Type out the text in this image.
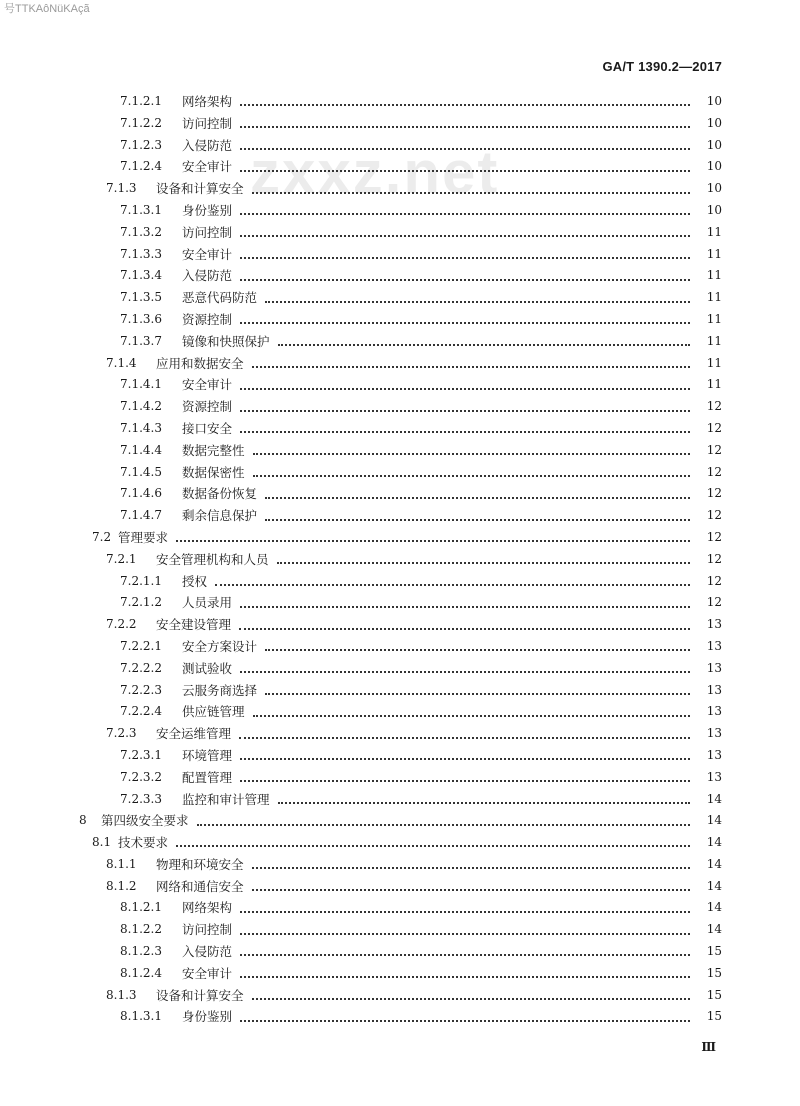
号TTKAôNüKAçã
GA/T 1390.2—2017
zxxz.net
7.1.2.1	网络架构	10
7.1.2.2	访问控制	10
7.1.2.3	入侵防范	10
7.1.2.4	安全审计	10
7.1.3	设备和计算安全	10
7.1.3.1	身份鉴别	10
7.1.3.2	访问控制	11
7.1.3.3	安全审计	11
7.1.3.4	入侵防范	11
7.1.3.5	恶意代码防范	11
7.1.3.6	资源控制	11
7.1.3.7	镜像和快照保护	11
7.1.4	应用和数据安全	11
7.1.4.1	安全审计	11
7.1.4.2	资源控制	12
7.1.4.3	接口安全	12
7.1.4.4	数据完整性	12
7.1.4.5	数据保密性	12
7.1.4.6	数据备份恢复	12
7.1.4.7	剩余信息保护	12
7.2 管理要求	12
7.2.1	安全管理机构和人员	12
7.2.1.1	授权	12
7.2.1.2	人员录用	12
7.2.2	安全建设管理	13
7.2.2.1	安全方案设计	13
7.2.2.2	测试验收	13
7.2.2.3	云服务商选择	13
7.2.2.4	供应链管理	13
7.2.3	安全运维管理	13
7.2.3.1	环境管理	13
7.2.3.2	配置管理	13
7.2.3.3	监控和审计管理	14
8	第四级安全要求	14
8.1 技术要求	14
8.1.1	物理和环境安全	14
8.1.2	网络和通信安全	14
8.1.2.1	网络架构	14
8.1.2.2	访问控制	14
8.1.2.3	入侵防范	15
8.1.2.4	安全审计	15
8.1.3	设备和计算安全	15
8.1.3.1	身份鉴别	15
Ⅲ
